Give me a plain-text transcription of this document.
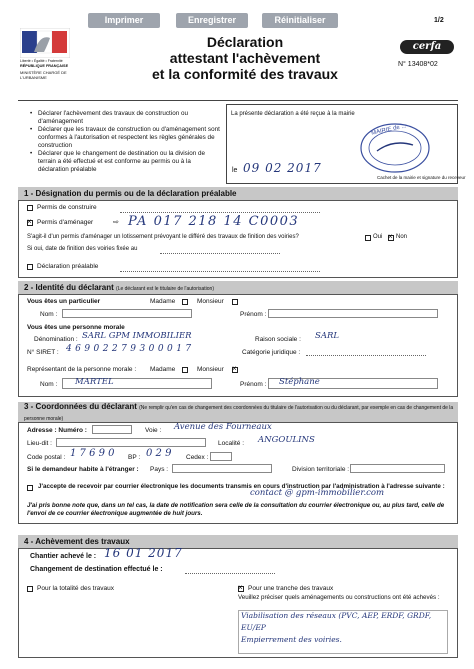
Imprimer	Enregistrer	Réinitialiser	1/2
Liberté • Égalité • Fraternité
RÉPUBLIQUE FRANÇAISE
MINISTÈRE CHARGÉ DE L'URBANISME
Déclaration
attestant l'achèvement
et la conformité des travaux
cerfa
N° 13408*02
• Déclarer l'achèvement des travaux de construction ou d'aménagement
• Déclarer que les travaux de construction ou d'aménagement sont conformes à l'autorisation et respectent les règles générales de construction
• Déclarer que le changement de destination ou la division de terrain a été effectué et est conforme au permis ou à la déclaration préalable
La présente déclaration a été reçue à la mairie
MAIRIE de ...
le 09 02 2017
Cachet de la mairie et signature du receveur
1 - Désignation du permis ou de la déclaration préalable
Permis de construire
×
Permis d'aménager	⇨ PA 017 218 14 C0003
S'agit-il d'un permis d'aménager un lotissement prévoyant le différé des travaux de finition des voiries?	Oui × Non
Si oui, date de finition des voiries fixée au
Déclaration préalable
2 - Identité du déclarant (Le déclarant est le titulaire de l'autorisation)
Vous êtes un particulier	Madame	Monsieur
Nom :	Prénom :
Vous êtes une personne morale
Dénomination : SARL GPM IMMOBILIER	Raison sociale : SARL
N° SIRET : 4 6 9 0 2 2 7 9 3 0 0 0 1 7	Catégorie juridique :
Représentant de la personne morale : Madame	Monsieur
×
Nom : MARTEL	Prénom : Stéphane
3 - Coordonnées du déclarant (Ne remplir qu'en cas de changement des coordonnées du titulaire de l'autorisation ou du déclarant, par exemple en cas de changement de la personne morale)
Adresse : Numéro :	Voie : Avenue des Fourneaux
Lieu-dit :	Localité : ANGOULINS
Code postal : 1 7 6 9 0 BP : 0 2 9 Cedex :
Si le demandeur habite à l'étranger : Pays :	Division territoriale :
J'accepte de recevoir par courrier électronique les documents transmis en cours d'instruction par l'administration à l'adresse suivante :
contact @ gpm-immobilier.com
J'ai pris bonne note que, dans un tel cas, la date de notification sera celle de la consultation du courrier électronique ou, au plus tard, celle de l'envoi de ce courrier électronique augmentée de huit jours.
4 - Achèvement des travaux
Chantier achevé le : 16 01 2017
Changement de destination effectué le :
Pour la totalité des travaux ×	Pour une tranche des travaux
Veuillez préciser quels aménagements ou constructions ont été achevés :
Viabilisation des réseaux (PVC, AEP, ERDF, GRDF,
EU/EP
Empierrement des voiries.
